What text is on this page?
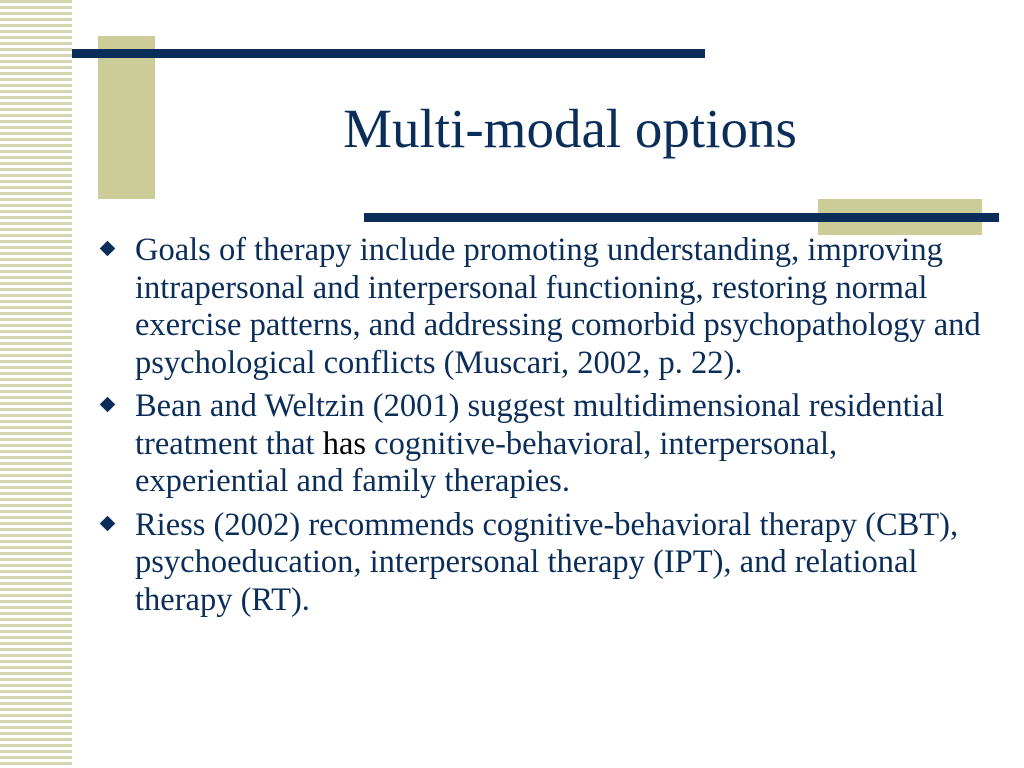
Multi-modal options
Goals of therapy include promoting understanding, improving intrapersonal and interpersonal functioning, restoring normal exercise patterns, and addressing comorbid psychopathology and psychological conflicts (Muscari, 2002, p. 22).
Bean and Weltzin (2001) suggest multidimensional residential treatment that has cognitive-behavioral, interpersonal, experiential and family therapies.
Riess (2002) recommends cognitive-behavioral therapy (CBT), psychoeducation, interpersonal therapy (IPT), and relational therapy (RT).
